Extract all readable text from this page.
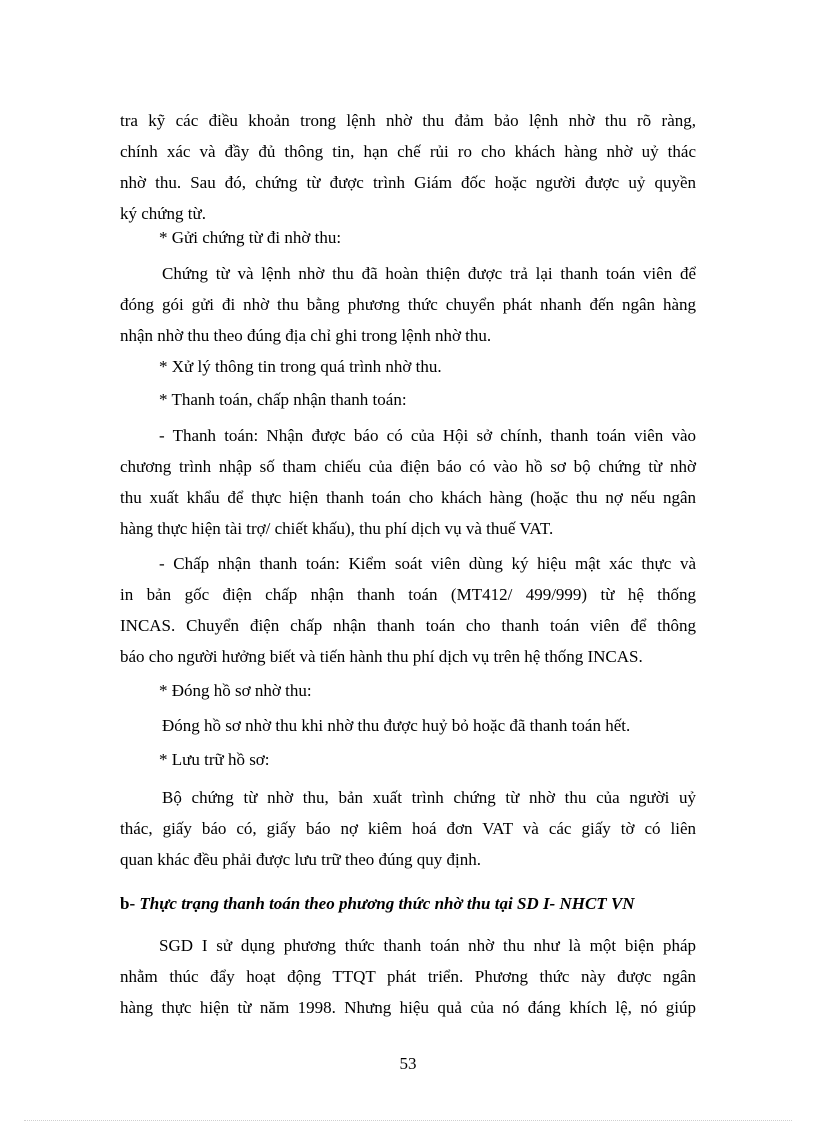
tra kỹ các điều khoản trong lệnh nhờ thu đảm bảo lệnh nhờ thu rõ ràng,
chính xác và đầy đủ thông tin, hạn chế rủi ro cho khách hàng nhờ uỷ thác
nhờ thu. Sau đó, chứng từ được trình Giám đốc hoặc người được uỷ quyền
ký chứng từ.
* Gửi chứng từ đi nhờ thu:
Chứng từ và lệnh nhờ thu đã hoàn thiện được trả lại thanh toán viên để
đóng gói gửi đi nhờ thu bằng phương thức chuyển phát nhanh đến ngân hàng
nhận nhờ thu theo đúng địa chỉ ghi trong lệnh nhờ thu.
* Xử lý thông tin trong quá trình nhờ thu.
* Thanh toán, chấp nhận thanh toán:
- Thanh toán: Nhận được báo có của Hội sở chính, thanh toán viên vào
chương trình nhập số tham chiếu của điện báo có vào hồ sơ bộ chứng từ nhờ
thu xuất khẩu để thực hiện thanh toán cho khách hàng (hoặc thu nợ nếu ngân
hàng thực hiện tài trợ/ chiết khấu), thu phí dịch vụ và thuế VAT.
- Chấp nhận thanh toán: Kiểm soát viên dùng ký hiệu mật xác thực và
in bản gốc điện chấp nhận thanh toán (MT412/ 499/999) từ hệ thống
INCAS. Chuyển điện chấp nhận thanh toán cho thanh toán viên để thông
báo cho người hưởng biết và tiến hành thu phí dịch vụ trên hệ thống INCAS.
* Đóng hồ sơ nhờ thu:
Đóng hồ sơ nhờ thu khi nhờ thu được huỷ bỏ hoặc đã thanh toán hết.
* Lưu trữ hồ sơ:
Bộ chứng từ nhờ thu, bản xuất trình chứng từ nhờ thu của người uỷ
thác, giấy báo có, giấy báo nợ kiêm hoá đơn VAT và các giấy tờ có liên
quan khác đều phải được lưu trữ theo đúng quy định.
b- Thực trạng thanh toán theo phương thức nhờ thu tại SD I- NHCT VN
SGD I sử dụng phương thức thanh toán nhờ thu như là một biện pháp
nhằm thúc đẩy hoạt động TTQT phát triển. Phương thức này được ngân
hàng thực hiện từ năm 1998. Nhưng hiệu quả của nó đáng khích lệ, nó giúp
53
